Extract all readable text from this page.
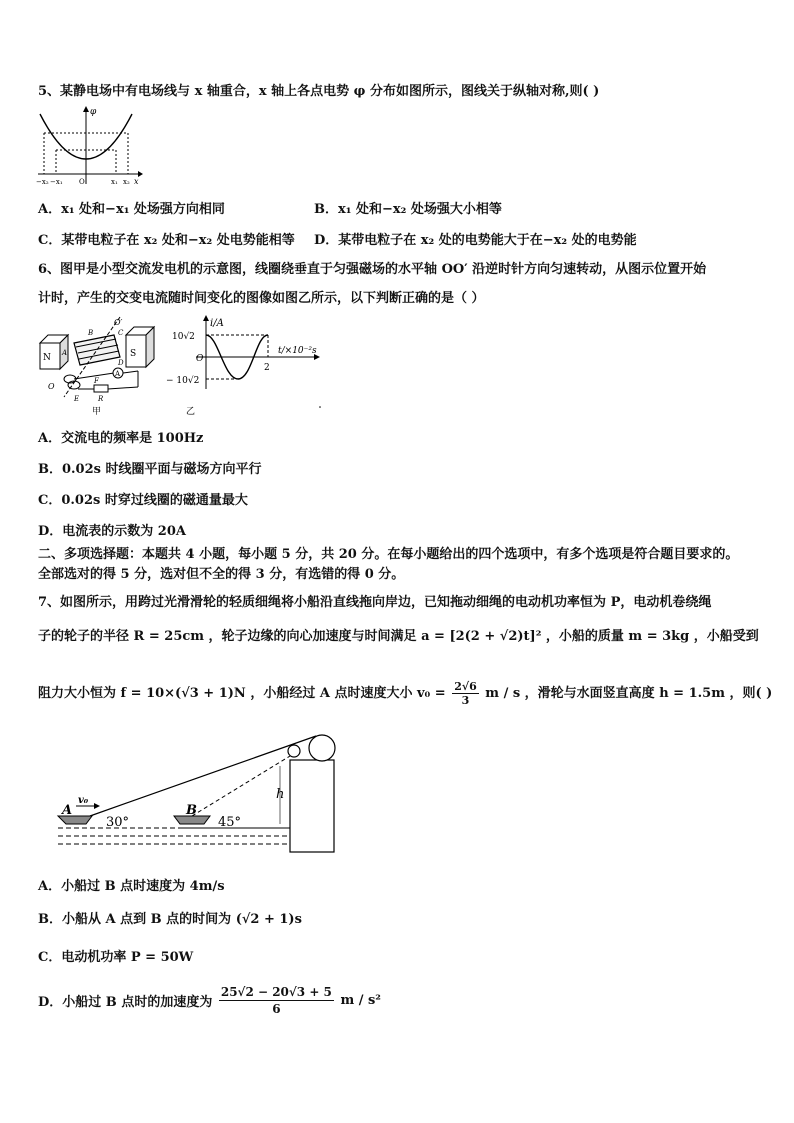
5、某静电场中有电场线与 x 轴重合，x 轴上各点电势 φ 分布如图所示，图线关于纵轴对称,则( )
φ
x
−x₂ −x₁ O	x₁ x₂
A．x₁ 处和−x₁ 处场强方向相同	B．x₁ 处和−x₂ 处场强大小相等
C．某带电粒子在 x₂ 处和−x₂ 处电势能相等 D．某带电粒子在 x₂ 处的电势能大于在−x₂ 处的电势能
6、图甲是小型交流发电机的示意图，线圈绕垂直于匀强磁场的水平轴 OO′ 沿逆时针方向匀速转动，从图示位置开始
计时，产生的交变电流随时间变化的图像如图乙所示，以下判断正确的是（ ）
A
N	S
O′
C
B
A
D
O
E
F
R
甲
i/A
t/×10⁻²s
10√2
− 10√2
O
2
乙
A．交流电的频率是 100Hz
B．0.02s 时线圈平面与磁场方向平行
C．0.02s 时穿过线圈的磁通量最大
D．电流表的示数为 20A
二、多项选择题：本题共 4 小题，每小题 5 分，共 20 分。在每小题给出的四个选项中，有多个选项是符合题目要求的。
全部选对的得 5 分，选对但不全的得 3 分，有选错的得 0 分。
7、如图所示，用跨过光滑滑轮的轻质细绳将小船沿直线拖向岸边，已知拖动细绳的电动机功率恒为 P，电动机卷绕绳
子的轮子的半径 R = 25cm ，轮子边缘的向心加速度与时间满足 a = [2(2 + √2)t]² ，小船的质量 m = 3kg ，小船受到
阻力大小恒为 f = 10×(√3 + 1)N ，小船经过 A 点时速度大小 $v_0 = \frac{2√6}{3}$ m / s ，滑轮与水面竖直高度 h = 1.5m ，则( )
A
v₀
30°
B
45°
h
A．小船过 B 点时速度为 4m/s
B．小船从 A 点到 B 点的时间为 (√2 + 1)s
C．电动机功率 P = 50W
D．小船过 B 点时的加速度为 $\frac{25√2 - 20√3 + 5}{6}$ m / s²
